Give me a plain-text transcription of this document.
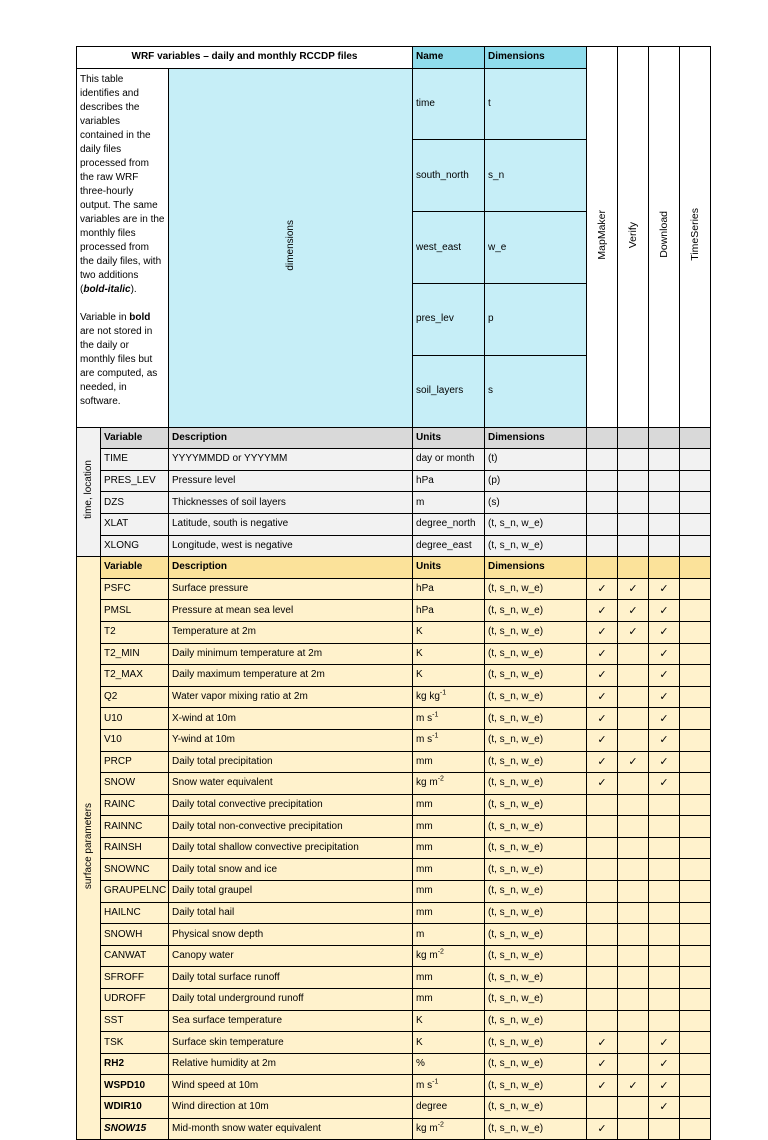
WRF variables – daily and monthly RCCDP files			Name	Dimensions	MapMaker	Verify	Download	TimeSeries

This table identifies and describes the variables contained in the daily files processed from the raw WRF three-hourly output. The same variables are in the monthly files processed from the daily files, with two additions (bold-italic).

Variable in bold are not stored in the daily or monthly files but are computed, as needed, in software.		dimensions	time	t				
			south_north	s_n				
			west_east	w_e				
			pres_lev	p				
			soil_layers	s				
time, location	Variable	Description	Units	Dimensions				
	TIME	YYYYMMDD or YYYYMM	day or month	(t)				
	PRES_LEV	Pressure level	hPa	(p)				
	DZS	Thicknesses of soil layers	m	(s)				
	XLAT	Latitude, south is negative	degree_north	(t, s_n, w_e)				
	XLONG	Longitude, west is negative	degree_east	(t, s_n, w_e)				
surface parameters	Variable	Description	Units	Dimensions				
	PSFC	Surface pressure	hPa	(t, s_n, w_e)	✓	✓	✓	
	PMSL	Pressure at mean sea level	hPa	(t, s_n, w_e)	✓	✓	✓	
	T2	Temperature at 2m	K	(t, s_n, w_e)	✓	✓	✓	
	T2_MIN	Daily minimum temperature at 2m	K	(t, s_n, w_e)	✓		✓	
	T2_MAX	Daily maximum temperature at 2m	K	(t, s_n, w_e)	✓		✓	
	Q2	Water vapor mixing ratio at 2m	kg $kg^{-1}$	(t, s_n, w_e)	✓		✓	
	U10	X-wind at 10m	m $s^{-1}$	(t, s_n, w_e)	✓		✓	
	V10	Y-wind at 10m	m $s^{-1}$	(t, s_n, w_e)	✓		✓	
	PRCP	Daily total precipitation	mm	(t, s_n, w_e)	✓	✓	✓	
	SNOW	Snow water equivalent	kg $m^{-2}$	(t, s_n, w_e)	✓		✓	
	RAINC	Daily total convective precipitation	mm	(t, s_n, w_e)				
	RAINNC	Daily total non-convective precipitation	mm	(t, s_n, w_e)				
	RAINSH	Daily total shallow convective precipitation	mm	(t, s_n, w_e)				
	SNOWNC	Daily total snow and ice	mm	(t, s_n, w_e)				
	GRAUPELNC	Daily total graupel	mm	(t, s_n, w_e)				
	HAILNC	Daily total hail	mm	(t, s_n, w_e)				
	SNOWH	Physical snow depth	m	(t, s_n, w_e)				
	CANWAT	Canopy water	kg $m^{-2}$	(t, s_n, w_e)				
	SFROFF	Daily total surface runoff	mm	(t, s_n, w_e)				
	UDROFF	Daily total underground runoff	mm	(t, s_n, w_e)				
	SST	Sea surface temperature	K	(t, s_n, w_e)				
	TSK	Surface skin temperature	K	(t, s_n, w_e)	✓		✓	
	RH2	Relative humidity at 2m	%	(t, s_n, w_e)	✓		✓	
	WSPD10	Wind speed at 10m	m $s^{-1}$	(t, s_n, w_e)	✓	✓	✓	
	WDIR10	Wind direction at 10m	degree	(t, s_n, w_e)			✓	
	SNOW15	Mid-month snow water equivalent	kg $m^{-2}$	(t, s_n, w_e)	✓			
